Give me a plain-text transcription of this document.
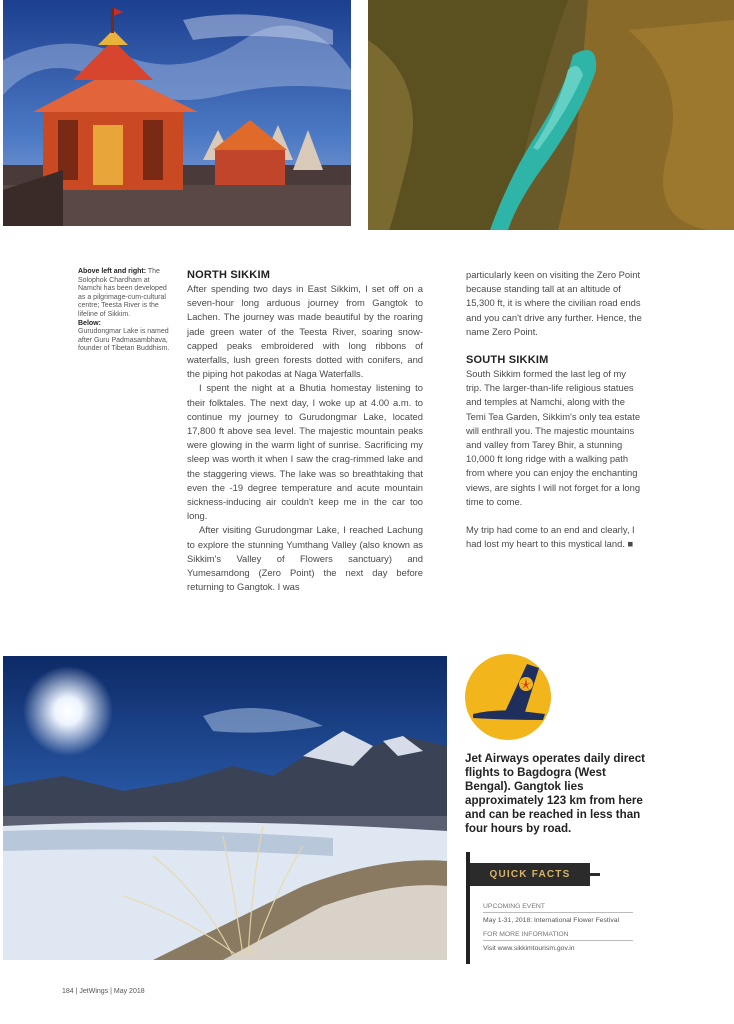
Above left and right: The Solophok Chardham at Namchi has been developed as a pilgrimage-cum-cultural centre; Teesta River is the lifeline of Sikkim.
Below:
Gurudongmar Lake is named after Guru Padmasambhava, founder of Tibetan Buddhism.
NORTH SIKKIM

After spending two days in East Sikkim, I set off on a seven-hour long arduous journey from Gangtok to Lachen. The journey was made beautiful by the roaring jade green water of the Teesta River, soaring snow-capped peaks embroidered with long ribbons of waterfalls, lush green forests dotted with conifers, and the piping hot pakodas at Naga Waterfalls.

I spent the night at a Bhutia homestay listening to their folktales. The next day, I woke up at 4.00 a.m. to continue my journey to Gurudongmar Lake, located 17,800 ft above sea level. The majestic mountain peaks were glowing in the warm light of sunrise. Sacrificing my sleep was worth it when I saw the crag-rimmed lake and the staggering views. The lake was so breathtaking that even the -19 degree temperature and acute mountain sickness-inducing air couldn't keep me in the car too long.

After visiting Gurudongmar Lake, I reached Lachung to explore the stunning Yumthang Valley (also known as Sikkim's Valley of Flowers sanctuary) and Yumesamdong (Zero Point) the next day before returning to Gangtok. I was

particularly keen on visiting the Zero Point because standing tall at an altitude of 15,300 ft, it is where the civilian road ends and you can't drive any further. Hence, the name Zero Point.

SOUTH SIKKIM

South Sikkim formed the last leg of my trip. The larger-than-life religious statues and temples at Namchi, along with the Temi Tea Garden, Sikkim's only tea estate will enthrall you. The majestic mountains and valley from Tarey Bhir, a stunning 10,000 ft long ridge with a walking path from where you can enjoy the enchanting views, are sights I will not forget for a long time to come.

My trip had come to an end and clearly, I had lost my heart to this mystical land. ■

Jet Airways operates daily direct flights to Bagdogra (West Bengal). Gangtok lies approximately 123 km from here and can be reached in less than four hours by road.
QUICK FACTS
UPCOMING EVENT
May 1-31, 2018: International Flower Festival
FOR MORE INFORMATION
Visit www.sikkimtourism.gov.in
184 | JetWings | May 2018
